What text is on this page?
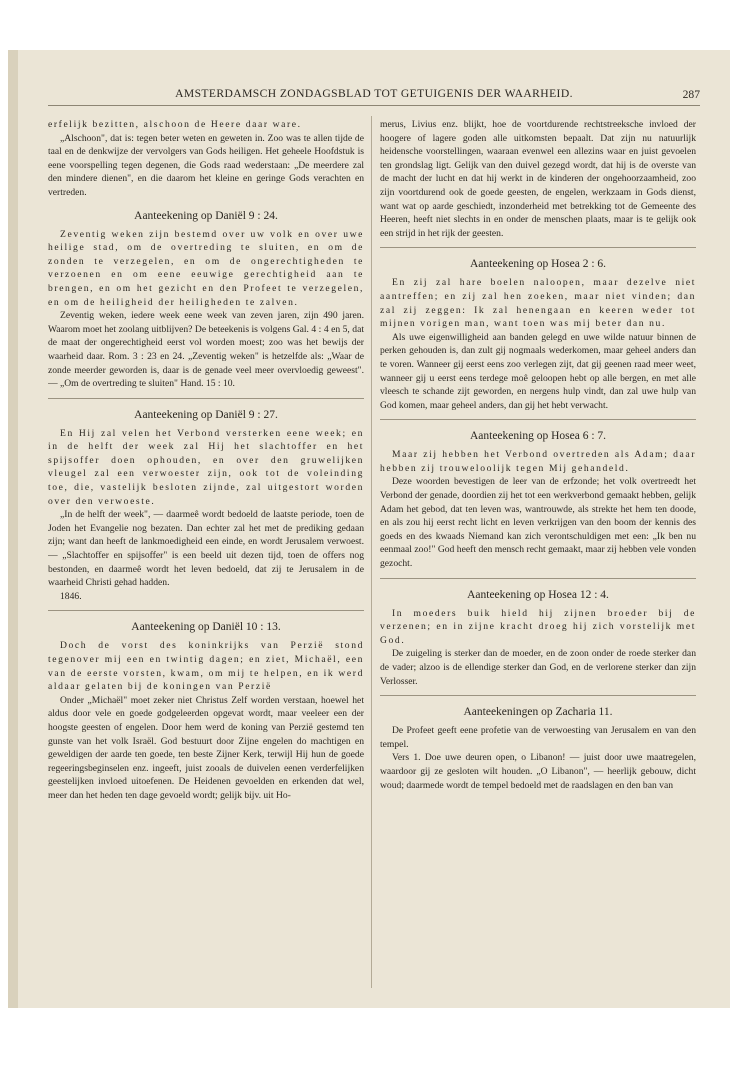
AMSTERDAMSCH ZONDAGSBLAD TOT GETUIGENIS DER WAARHEID.	287

erfelijk bezitten, alschoon de Heere daar ware.

„Alschoon", dat is: tegen beter weten en geweten in. Zoo was te allen tijde de taal en de denkwijze der vervolgers van Gods heiligen. Het geheele Hoofdstuk is eene voorspelling tegen degenen, die Gods raad wederstaan: „De meerdere zal den mindere dienen", en die daarom het kleine en geringe Gods verachten en vertreden.

Aanteekening op Daniël 9 : 24.

Zeventig weken zijn bestemd over uw volk en over uwe heilige stad, om de overtreding te sluiten, en om de zonden te verzegelen, en om de ongerechtigheden te verzoenen en om eene eeuwige gerechtigheid aan te brengen, en om het gezicht en den Profeet te verzegelen, en om de heiligheid der heiligheden te zalven.

Zeventig weken, iedere week eene week van zeven jaren, zijn 490 jaren. Waarom moet het zoolang uitblijven? De beteekenis is volgens Gal. 4 : 4 en 5, dat de maat der ongerechtigheid eerst vol worden moest; zoo was het bewijs der waarheid daar. Rom. 3 : 23 en 24. „Zeventig weken" is hetzelfde als: „Waar de zonde meerder geworden is, daar is de genade veel meer overvloedig geweest". — „Om de overtreding te sluiten" Hand. 15 : 10.

Aanteekening op Daniël 9 : 27.

En Hij zal velen het Verbond versterken eene week; en in de helft der week zal Hij het slachtoffer en het spijsoffer doen ophouden, en over den gruwelijken vleugel zal een verwoester zijn, ook tot de voleinding toe, die, vastelijk besloten zijnde, zal uitgestort worden over den verwoeste.

„In de helft der week", — daarmeê wordt bedoeld de laatste periode, toen de Joden het Evangelie nog bezaten. Dan echter zal het met de prediking gedaan zijn; want dan heeft de lankmoedigheid een einde, en wordt Jerusalem verwoest. — „Slachtoffer en spijsoffer" is een beeld uit dezen tijd, toen de offers nog bestonden, en daarmeê wordt het leven bedoeld, dat zij te Jerusalem in de waarheid Christi gehad hadden.

1846.

Aanteekening op Daniël 10 : 13.

Doch de vorst des koninkrijks van Perzië stond tegenover mij een en twintig dagen; en ziet, Michaël, een van de eerste vorsten, kwam, om mij te helpen, en ik werd aldaar gelaten bij de koningen van Perzië

Onder „Michaël" moet zeker niet Christus Zelf worden verstaan, hoewel het aldus door vele en goede godgeleerden opgevat wordt, maar veeleer een der hoogste geesten of engelen. Door hem werd de koning van Perzië gestemd ten gunste van het volk Israël. God bestuurt door Zijne engelen do machtigen en geweldigen der aarde ten goede, ten beste Zijner Kerk, terwijl Hij hun de goede regeeringsbeginselen enz. ingeeft, juist zooals de duivelen eenen verderfelijken geestelijken invloed uitoefenen. De Heidenen gevoelden en erkenden dat wel, meer dan het heden ten dage gevoeld wordt; gelijk bijv. uit Ho-

merus, Livius enz. blijkt, hoe de voortdurende rechtstreeksche invloed der hoogere of lagere goden alle uitkomsten bepaalt. Dat zijn nu natuurlijk heidensche voorstellingen, waaraan evenwel een allezins waar en juist gevoelen ten grondslag ligt. Gelijk van den duivel gezegd wordt, dat hij is de overste van de macht der lucht en dat hij werkt in de kinderen der ongehoorzaamheid, zoo zijn voortdurend ook de goede geesten, de engelen, werkzaam in Gods dienst, want wat op aarde geschiedt, inzonderheid met betrekking tot de Gemeente des Heeren, heeft niet slechts in en onder de menschen plaats, maar is te gelijk ook een strijd in het rijk der geesten.

Aanteekening op Hosea 2 : 6.

En zij zal hare boelen naloopen, maar dezelve niet aantreffen; en zij zal hen zoeken, maar niet vinden; dan zal zij zeggen: Ik zal henengaan en keeren weder tot mijnen vorigen man, want toen was mij beter dan nu.

Als uwe eigenwilligheid aan banden gelegd en uwe wilde natuur binnen de perken gehouden is, dan zult gij nogmaals wederkomen, maar geheel anders dan te voren. Wanneer gij eerst eens zoo verlegen zijt, dat gij geenen raad meer weet, wanneer gij u eerst eens terdege moê geloopen hebt op alle bergen, en met alle vleesch te schande zijt geworden, en nergens hulp vindt, dan zal uwe hulp van God komen, maar geheel anders, dan gij het hebt verwacht.

Aanteekening op Hosea 6 : 7.

Maar zij hebben het Verbond overtreden als Adam; daar hebben zij trouweloolijk tegen Mij gehandeld.

Deze woorden bevestigen de leer van de erfzonde; het volk overtreedt het Verbond der genade, doordien zij het tot een werkverbond gemaakt hebben, gelijk Adam het gebod, dat ten leven was, wantrouwde, als strekte het hem ten doode, en als zou hij eerst recht licht en leven verkrijgen van den boom der kennis des goeds en des kwaads Niemand kan zich verontschuldigen met een: „Ik ben nu eenmaal zoo!" God heeft den mensch recht gemaakt, maar zij hebben vele vonden gezocht.

Aanteekening op Hosea 12 : 4.

In moeders buik hield hij zijnen broeder bij de verzenen; en in zijne kracht droeg hij zich vorstelijk met God.

De zuigeling is sterker dan de moeder, en de zoon onder de roede sterker dan de vader; alzoo is de ellendige sterker dan God, en de verlorene sterker dan zijn Verlosser.

Aanteekeningen op Zacharia 11.

De Profeet geeft eene profetie van de verwoesting van Jerusalem en van den tempel.

Vers 1. Doe uwe deuren open, o Libanon! — juist door uwe maatregelen, waardoor gij ze gesloten wilt houden. „O Libanon", — heerlijk gebouw, dicht woud; daarmede wordt de tempel bedoeld met de raadslagen en den ban van
